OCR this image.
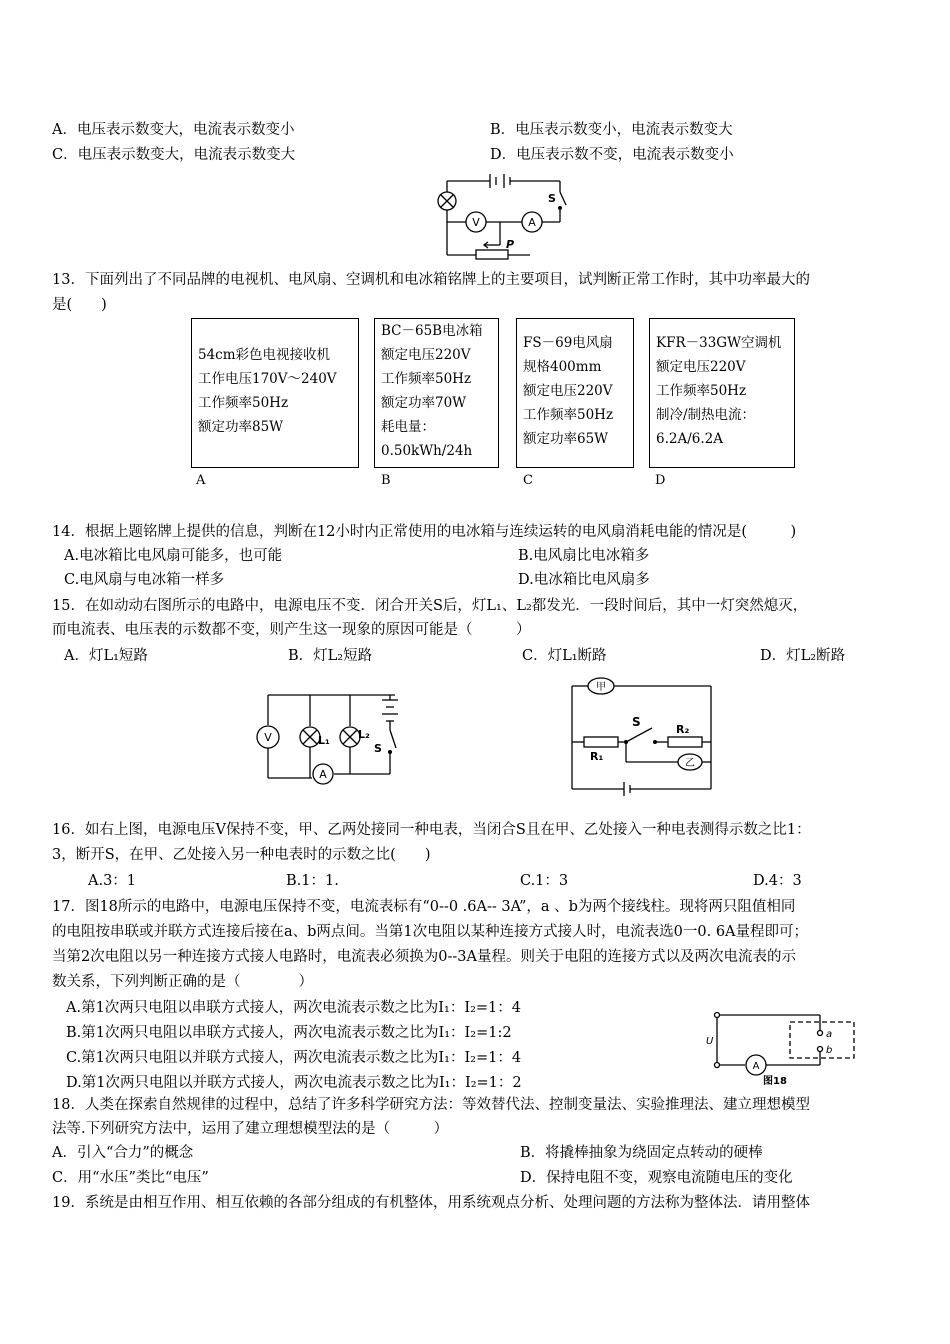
A．电压表示数变大，电流表示数变小	B．电压表示数变小，电流表示数变大
C．电压表示数变大，电流表示数变大	D．电压表示数不变，电流表示数变小
V	A
S
P
13．下面列出了不同品牌的电视机、电风扇、空调机和电冰箱铭牌上的主要项目，试判断正常工作时，其中功率最大的
是(　　)
54cm彩色电视接收机
工作电压170V～240V
工作频率50Hz
额定功率85W
BC－65B电冰箱
额定电压220V
工作频率50Hz
额定功率70W
耗电量：
0.50kWh/24h
FS－69电风扇
规格400mm
额定电压220V
工作频率50Hz
额定功率65W
KFR－33GW空调机
额定电压220V
工作频率50Hz
制冷/制热电流：
6.2A/6.2A
A	B	C	D
14．根据上题铭牌上提供的信息，判断在12小时内正常使用的电冰箱与连续运转的电风扇消耗电能的情况是(　　　)
A.电冰箱比电风扇可能多，也可能	B.电风扇比电冰箱多
C.电风扇与电冰箱一样多	D.电冰箱比电风扇多
15．在如动动右图所示的电路中，电源电压不变．闭合开关S后，灯L₁、L₂都发光．一段时间后，其中一灯突然熄灭，
而电流表、电压表的示数都不变，则产生这一现象的原因可能是（　　　）
A．灯L₁短路	B．灯L₂短路	C．灯L₁断路	D．灯L₂断路
V
A
L₁	L₂
S
甲
S
R₁
R₂
乙
16．如右上图，电源电压V保持不变，甲、乙两处接同一种电表，当闭合S且在甲、乙处接入一种电表测得示数之比1：
3，断开S，在甲、乙处接入另一种电表时的示数之比(　　)
A.3：1	B.1：1.	C.1：3	D.4：3
17．图18所示的电路中，电源电压保持不变，电流表标有“0--0 .6A-- 3A”，a 、b为两个接线柱。现将两只阻值相同
的电阻按串联或并联方式连接后接在a、b两点间。当第1次电阻以某种连接方式接人时，电流表选0一0. 6A量程即可；
当第2次电阻以另一种连接方式接人电路时，电流表必须换为0--3A量程。则关于电阻的连接方式以及两次电流表的示
数关系，下列判断正确的是（　　　　）
A.第1次两只电阻以串联方式接人，两次电流表示数之比为I₁：I₂=1：4
B.第1次两只电阻以串联方式接人，两次电流表示数之比为I₁：I₂=1:2
C.第1次两只电阻以并联方式接人，两次电流表示数之比为I₁：I₂=1：4
D.第1次两只电阻以并联方式接人，两次电流表示数之比为I₁：I₂=1：2
a
b
U
A
图18
18．人类在探索自然规律的过程中，总结了许多科学研究方法：等效替代法、控制变量法、实验推理法、建立理想模型
法等.下列研究方法中，运用了建立理想模型法的是（　　　）
A．引入“合力”的概念	B．将撬棒抽象为绕固定点转动的硬棒
C．用“水压”类比“电压”	D．保持电阻不变，观察电流随电压的变化
19．系统是由相互作用、相互依赖的各部分组成的有机整体，用系统观点分析、处理问题的方法称为整体法．请用整体
